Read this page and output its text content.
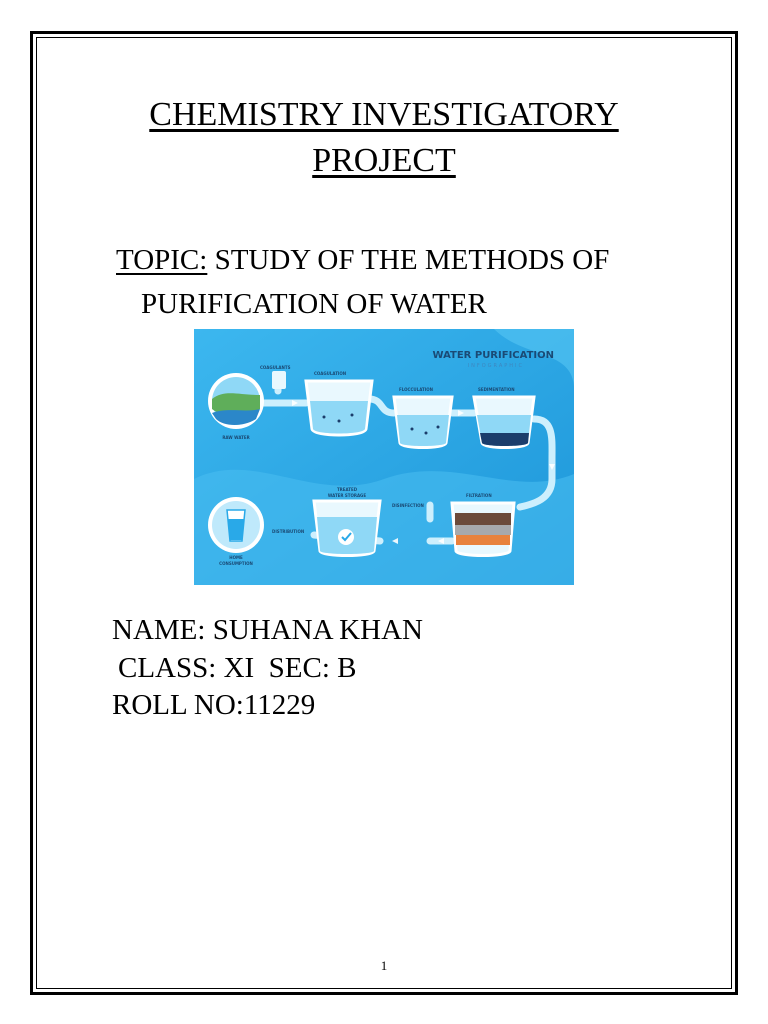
CHEMISTRY INVESTIGATORY
PROJECT
TOPIC: STUDY OF THE METHODS OF
PURIFICATION OF WATER
WATER PURIFICATION
INFOGRAPHIC
COAGULANTS
COAGULATION
FLOCCULATION	SEDIMENTATION
RAW WATER
TREATED
WATER STORAGE
DISINFECTION
FILTRATION
DISTRIBUTION
HOME
CONSUMPTION
NAME: SUHANA KHAN
CLASS: XI  SEC: B
ROLL NO:11229
1
